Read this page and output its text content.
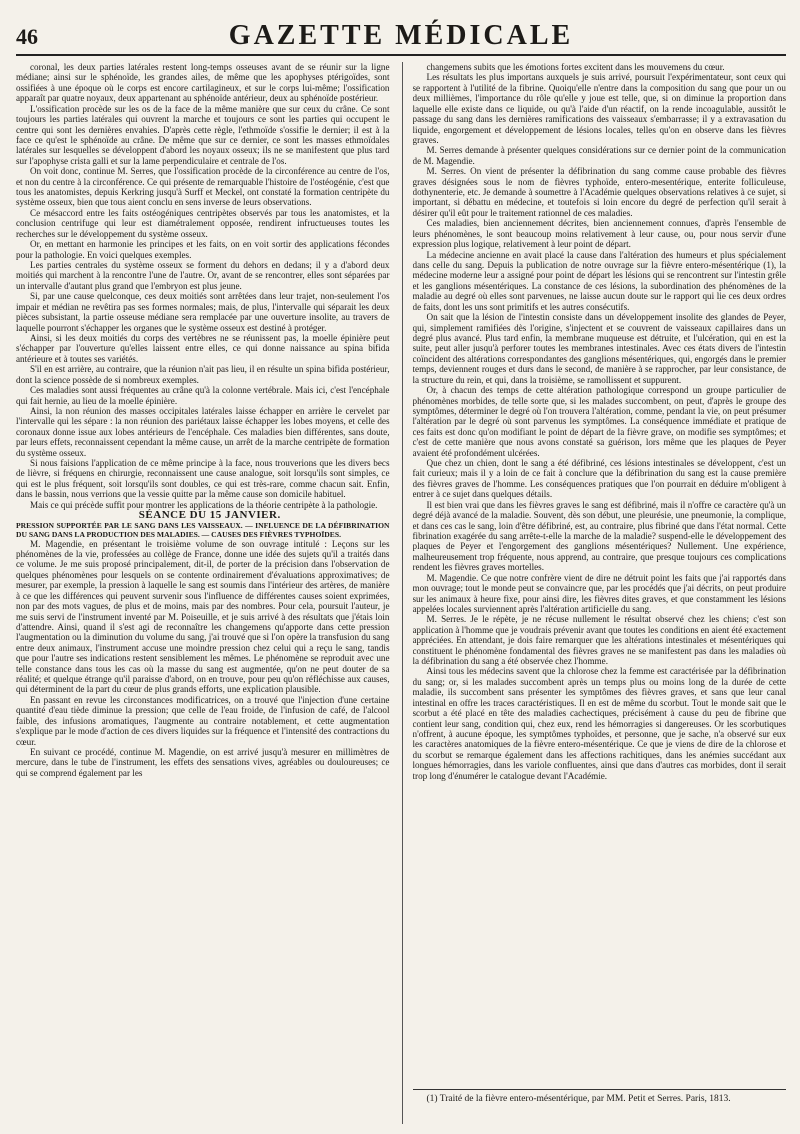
46	GAZETTE MÉDICALE

coronal, les deux parties latérales restent long-temps osseuses avant de se réunir sur la ligne médiane; ainsi sur le sphénoïde, les grandes ailes, de même que les apophyses ptérigoïdes, sont ossifiées à une époque où le corps est encore cartilagineux, et sur le corps lui-même; l'ossification apparaît par quatre noyaux, deux appartenant au sphénoïde antérieur, deux au sphénoïde postérieur.

L'ossification procède sur les os de la face de la même manière que sur ceux du crâne. Ce sont toujours les parties latérales qui ouvrent la marche et toujours ce sont les parties qui occupent le centre qui sont les dernières envahies. D'après cette règle, l'ethmoïde s'ossifie le dernier; il est à la face ce qu'est le sphénoïde au crâne. De même que sur ce dernier, ce sont les masses ethmoïdales latérales sur lesquelles se développent d'abord les noyaux osseux; ils ne se manifestent que plus tard sur l'apophyse crista galli et sur la lame perpendiculaire et centrale de l'os.

On voit donc, continue M. Serres, que l'ossification procède de la circonférence au centre de l'os, et non du centre à la circonférence. Ce qui présente de remarquable l'histoire de l'ostéogénie, c'est que tous les anatomistes, depuis Kerkring jusqu'à Surff et Meckel, ont constaté la formation centripète du système osseux, bien que tous aient conclu en sens inverse de leurs observations.

Ce mésaccord entre les faits ostéogéniques centripètes observés par tous les anatomistes, et la conclusion centrifuge qui leur est diamétralement opposée, rendirent infructueuses toutes les recherches sur le développement du système osseux.

Or, en mettant en harmonie les principes et les faits, on en voit sortir des applications fécondes pour la pathologie. En voici quelques exemples.

Les parties centrales du système osseux se forment du dehors en dedans; il y a d'abord deux moitiés qui marchent à la rencontre l'une de l'autre. Or, avant de se rencontrer, elles sont séparées par un intervalle d'autant plus grand que l'embryon est plus jeune.

Si, par une cause quelconque, ces deux moitiés sont arrêtées dans leur trajet, non-seulement l'os impair et médian ne revêtira pas ses formes normales; mais, de plus, l'intervalle qui séparait les deux pièces subsistant, la partie osseuse médiane sera remplacée par une ouverture insolite, au travers de laquelle pourront s'échapper les organes que le système osseux est destiné à protéger.

Ainsi, si les deux moitiés du corps des vertèbres ne se réunissent pas, la moelle épinière peut s'échapper par l'ouverture qu'elles laissent entre elles, ce qui donne naissance au spina bifida antérieure et à toutes ses variétés.

S'il en est arrière, au contraire, que la réunion n'ait pas lieu, il en résulte un spina bifida postérieur, dont la science possède de si nombreux exemples.

Ces maladies sont aussi fréquentes au crâne qu'à la colonne vertébrale. Mais ici, c'est l'encéphale qui fait hernie, au lieu de la moelle épinière.

Ainsi, la non réunion des masses occipitales latérales laisse échapper en arrière le cervelet par l'intervalle qui les sépare : la non réunion des pariétaux laisse échapper les lobes moyens, et celle des coronaux donne issue aux lobes antérieurs de l'encéphale. Ces maladies bien différentes, sans doute, par leurs effets, reconnaissent cependant la même cause, un arrêt de la marche centripète de formation du système osseux.

Si nous faisions l'application de ce même principe à la face, nous trouverions que les divers becs de lièvre, si fréquens en chirurgie, reconnaissent une cause analogue, soit lorsqu'ils sont simples, ce qui est le plus fréquent, soit lorsqu'ils sont doubles, ce qui est très-rare, comme chacun sait. Enfin, dans le bassin, nous verrions que la vessie quitte par la même cause son domicile habituel.

Mais ce qui précède suffit pour montrer les applications de la théorie centripète à la pathologie.

SÉANCE DU 15 JANVIER.

PRESSION SUPPORTÉE PAR LE SANG DANS LES VAISSEAUX. — INFLUENCE DE LA DÉFIBRINATION DU SANG DANS LA PRODUCTION DES MALADIES. — CAUSES DES FIÈVRES TYPHOÏDES.

M. Magendie, en présentant le troisième volume de son ouvrage intitulé : Leçons sur les phénomènes de la vie, professées au collège de France, donne une idée des sujets qu'il a traités dans ce volume. Je me suis proposé principalement, dit-il, de porter de la précision dans l'observation de quelques phénomènes pour lesquels on se contente ordinairement d'évaluations approximatives; de mesurer, par exemple, la pression à laquelle le sang est soumis dans l'intérieur des artères, de manière à ce que les différences qui peuvent survenir sous l'influence de différentes causes soient exprimées, non par des mots vagues, de plus et de moins, mais par des nombres. Pour cela, poursuit l'auteur, je me suis servi de l'instrument inventé par M. Poiseuille, et je suis arrivé à des résultats que j'étais loin d'attendre. Ainsi, quand il s'est agi de reconnaître les changemens qu'apporte dans cette pression l'augmentation ou la diminution du volume du sang, j'ai trouvé que si l'on opère la transfusion du sang entre deux animaux, l'instrument accuse une moindre pression chez celui qui a reçu le sang, tandis que pour l'autre ses indications restent sensiblement les mêmes. Le phénomène se reproduit avec une telle constance dans tous les cas où la masse du sang est augmentée, qu'on ne peut douter de sa réalité; et quelque étrange qu'il paraisse d'abord, on en trouve, pour peu qu'on réfléchisse aux causes, qui déterminent de la part du cœur de plus grands efforts, une explication plausible.

En passant en revue les circonstances modificatrices, on a trouvé que l'injection d'une certaine quantité d'eau tiède diminue la pression; que celle de l'eau froide, de l'infusion de café, de l'alcool faible, des infusions aromatiques, l'augmente au contraire notablement, et cette augmentation s'explique par le mode d'action de ces divers liquides sur la fréquence et l'intensité des contractions du cœur.

En suivant ce procédé, continue M. Magendie, on est arrivé jusqu'à mesurer en millimètres de mercure, dans le tube de l'instrument, les effets des sensations vives, agréables ou douloureuses; ce qui se comprend également par les

changemens subits que les émotions fortes excitent dans les mouvemens du cœur.

Les résultats les plus importans auxquels je suis arrivé, poursuit l'expérimentateur, sont ceux qui se rapportent à l'utilité de la fibrine. Quoiqu'elle n'entre dans la composition du sang que pour un ou deux millièmes, l'importance du rôle qu'elle y joue est telle, que, si on diminue la proportion dans laquelle elle existe dans ce liquide, ou qu'à l'aide d'un réactif, on la rende incoagulable, aussitôt le passage du sang dans les dernières ramifications des vaisseaux s'embarrasse; il y a extravasation du liquide, engorgement et développement de lésions locales, telles qu'on en observe dans les fièvres graves.

M. Serres demande à présenter quelques considérations sur ce dernier point de la communication de M. Magendie.

M. Serres. On vient de présenter la défibrination du sang comme cause probable des fièvres graves désignées sous le nom de fièvres typhoïde, entero-mesentérique, enterite folliculeuse, dothynenterie, etc. Je demande à soumettre à l'Académie quelques observations relatives à ce sujet, si important, si débattu en médecine, et toutefois si loin encore du degré de perfection qu'il serait à désirer qu'il eût pour le traitement rationnel de ces maladies.

Ces maladies, bien anciennement décrites, bien anciennement connues, d'après l'ensemble de leurs phénomènes, le sont beaucoup moins relativement à leur cause, ou, pour nous servir d'une expression plus logique, relativement à leur point de départ.

La médecine ancienne en avait placé la cause dans l'altération des humeurs et plus spécialement dans celle du sang. Depuis la publication de notre ouvrage sur la fièvre entero-mésentérique (1), la médecine moderne leur a assigné pour point de départ les lésions qui se rencontrent sur l'intestin grêle et les ganglions mésentériques. La constance de ces lésions, la subordination des phénomènes de la maladie au degré où elles sont parvenues, ne laisse aucun doute sur le rapport qui lie ces deux ordres de faits, dont les uns sont primitifs et les autres consécutifs.

On sait que la lésion de l'intestin consiste dans un développement insolite des glandes de Peyer, qui, simplement ramifiées dès l'origine, s'injectent et se couvrent de vaisseaux capillaires dans un degré plus avancé. Plus tard enfin, la membrane muqueuse est détruite, et l'ulcération, qui en est la suite, peut aller jusqu'à perforer toutes les membranes intestinales. Avec ces états divers de l'intestin coïncident des altérations correspondantes des ganglions mésentériques, qui, engorgés dans le premier temps, deviennent rouges et durs dans le second, de manière à se rapprocher, par leur consistance, de la structure du rein, et qui, dans la troisième, se ramollissent et suppurent.

Or, à chacun des temps de cette altération pathologique correspond un groupe particulier de phénomènes morbides, de telle sorte que, si les malades succombent, on peut, d'après le groupe des symptômes, déterminer le degré où l'on trouvera l'altération, comme, pendant la vie, on peut présumer l'altération par le degré où sont parvenus les symptômes. La conséquence immédiate et pratique de ces faits est donc qu'on modifiant le point de départ de la fièvre grave, on modifie ses symptômes; et c'est de cette manière que nous avons constaté sa guérison, lors même que les plaques de Peyer avaient été profondément ulcérées.

Que chez un chien, dont le sang a été défibriné, ces lésions intestinales se développent, c'est un fait curieux; mais il y a loin de ce fait à conclure que la défibrination du sang est la cause première des fièvres graves de l'homme. Les conséquences pratiques que l'on pourrait en déduire m'obligent à entrer à ce sujet dans quelques détails.

Il est bien vrai que dans les fièvres graves le sang est défibriné, mais il n'offre ce caractère qu'à un degré déjà avancé de la maladie. Souvent, dès son début, une pleurésie, une pneumonie, la complique, et dans ces cas le sang, loin d'être défibriné, est, au contraire, plus fibriné que dans l'état normal. Cette fibrination exagérée du sang arrête-t-elle la marche de la maladie? suspend-elle le développement des plaques de Peyer et l'engorgement des ganglions mésentériques? Nullement. Une expérience, malheureusement trop fréquente, nous apprend, au contraire, que presque toujours ces complications rendent les fièvres graves mortelles.

M. Magendie. Ce que notre confrère vient de dire ne détruit point les faits que j'ai rapportés dans mon ouvrage; tout le monde peut se convaincre que, par les procédés que j'ai décrits, on peut produire sur les animaux à heure fixe, pour ainsi dire, les fièvres dites graves, et que constamment les lésions appelées locales surviennent après l'altération artificielle du sang.

M. Serres. Je le répète, je ne récuse nullement le résultat observé chez les chiens; c'est son application à l'homme que je voudrais prévenir avant que toutes les conditions en aient été exactement appréciées. En attendant, je dois faire remarquer que les altérations intestinales et mésentériques qui constituent le phénomène fondamental des fièvres graves ne se manifestent pas dans les maladies où la défibrination du sang a été observée chez l'homme.

Ainsi tous les médecins savent que la chlorose chez la femme est caractérisée par la défibrination du sang; or, si les malades succombent après un temps plus ou moins long de la durée de cette maladie, ils succombent sans présenter les symptômes des fièvres graves, et sans que leur canal intestinal en offre les traces caractéristiques. Il en est de même du scorbut. Tout le monde sait que le scorbut a été placé en tête des maladies cachectiques, précisément à cause du peu de fibrine que contient leur sang, condition qui, chez eux, rend les hémorragies si dangereuses. Or les scorbutiques n'offrent, à aucune époque, les symptômes typhoïdes, et personne, que je sache, n'a observé sur eux les caractères anatomiques de la fièvre entero-mésentérique. Ce que je viens de dire de la chlorose et du scorbut se remarque également dans les affections rachitiques, dans les anémies succédant aux longues hémorragies, dans les variole confluentes, ainsi que dans d'autres cas morbides, dont il serait trop long d'énumérer le catalogue devant l'Académie.

(1) Traité de la fièvre entero-mésentérique, par MM. Petit et Serres. Paris, 1813.
